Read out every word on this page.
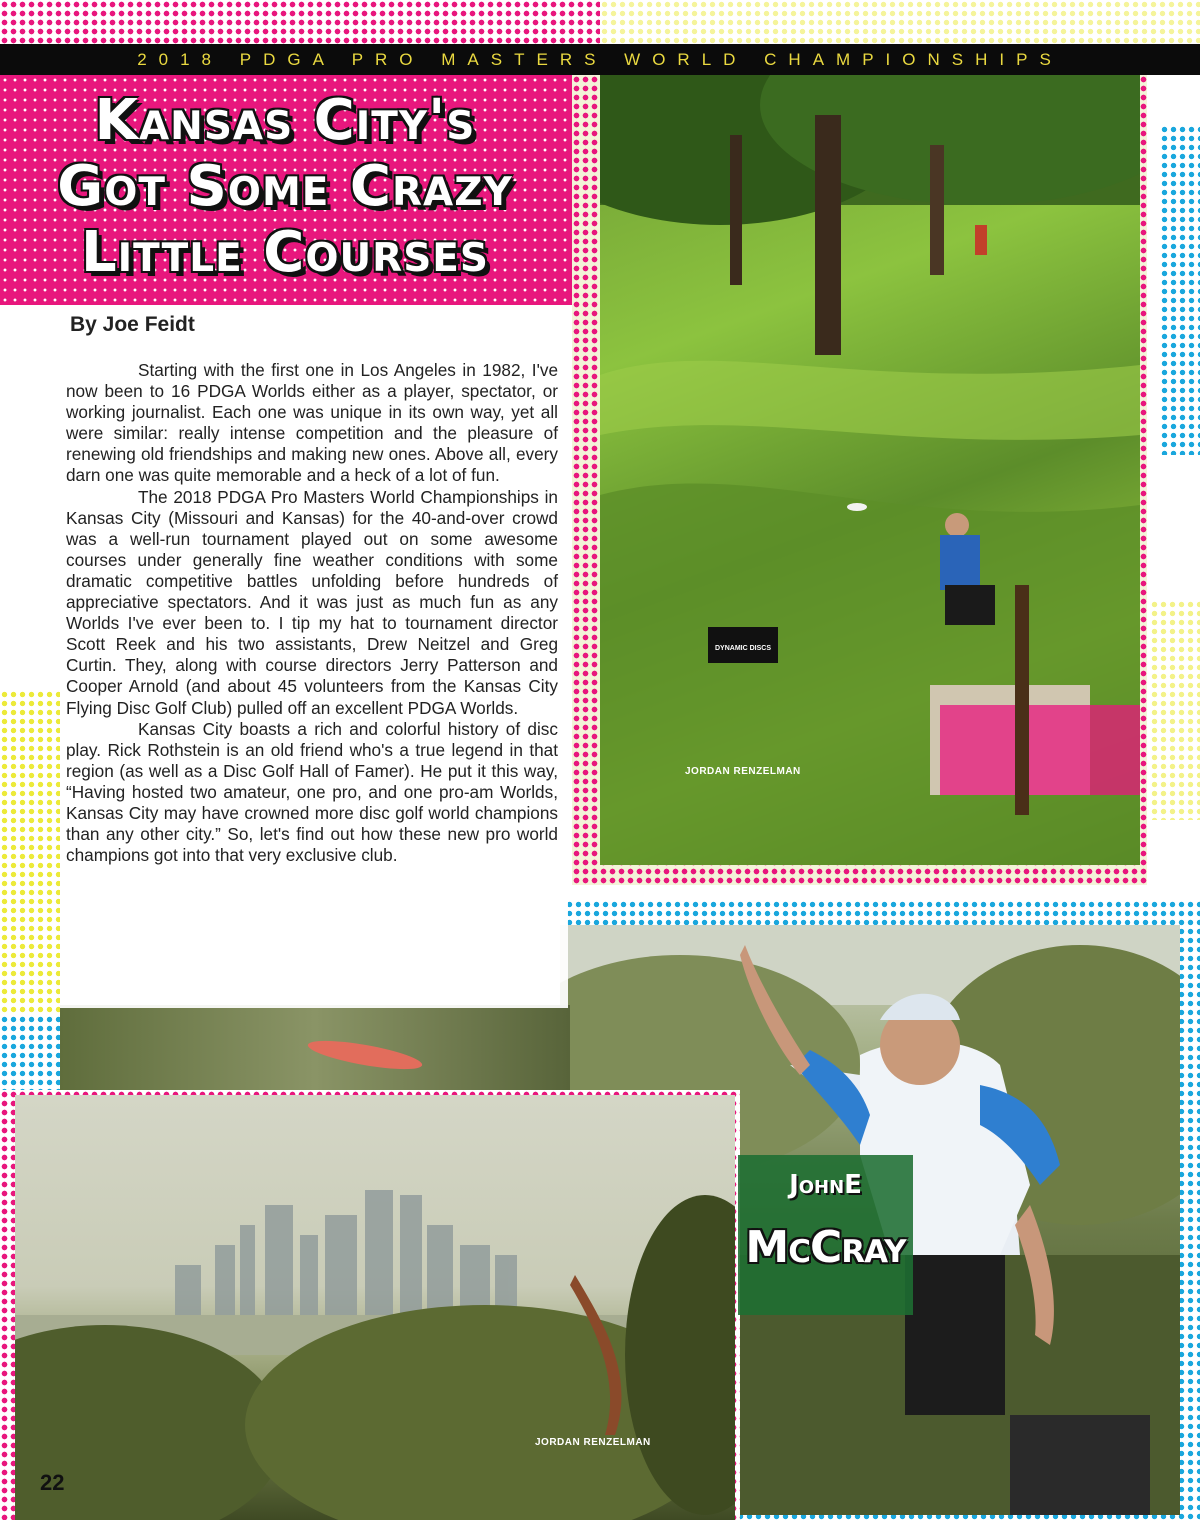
2018 PDGA PRO MASTERS WORLD CHAMPIONSHIPS
Kansas City's
Got Some Crazy
Little Courses
DYNAMIC DISCS
JORDAN RENZELMAN
JORDAN RENZELMAN
JohnE
McCray
By Joe Feidt

Starting with the first one in Los Angeles in 1982, I've now been to 16 PDGA Worlds either as a player, spectator, or working journalist. Each one was unique in its own way, yet all were similar: really intense competition and the pleasure of renewing old friendships and making new ones. Above all, every darn one was quite memorable and a heck of a lot of fun.

The 2018 PDGA Pro Masters World Championships in Kansas City (Missouri and Kansas) for the 40-and-over crowd was a well-run tournament played out on some awesome courses under generally fine weather conditions with some dramatic competitive battles unfolding before hundreds of appreciative spectators. And it was just as much fun as any Worlds I've ever been to. I tip my hat to tournament director Scott Reek and his two assistants, Drew Neitzel and Greg Curtin. They, along with course directors Jerry Patterson and Cooper Arnold (and about 45 volunteers from the Kansas City Flying Disc Golf Club) pulled off an excellent PDGA Worlds.

Kansas City boasts a rich and colorful history of disc play. Rick Rothstein is an old friend who's a true legend in that region (as well as a Disc Golf Hall of Famer). He put it this way, “Having hosted two amateur, one pro, and one pro-am Worlds, Kansas City may have crowned more disc golf world champions than any other city.” So, let's find out how these new pro world champions got into that very exclusive club.

22
